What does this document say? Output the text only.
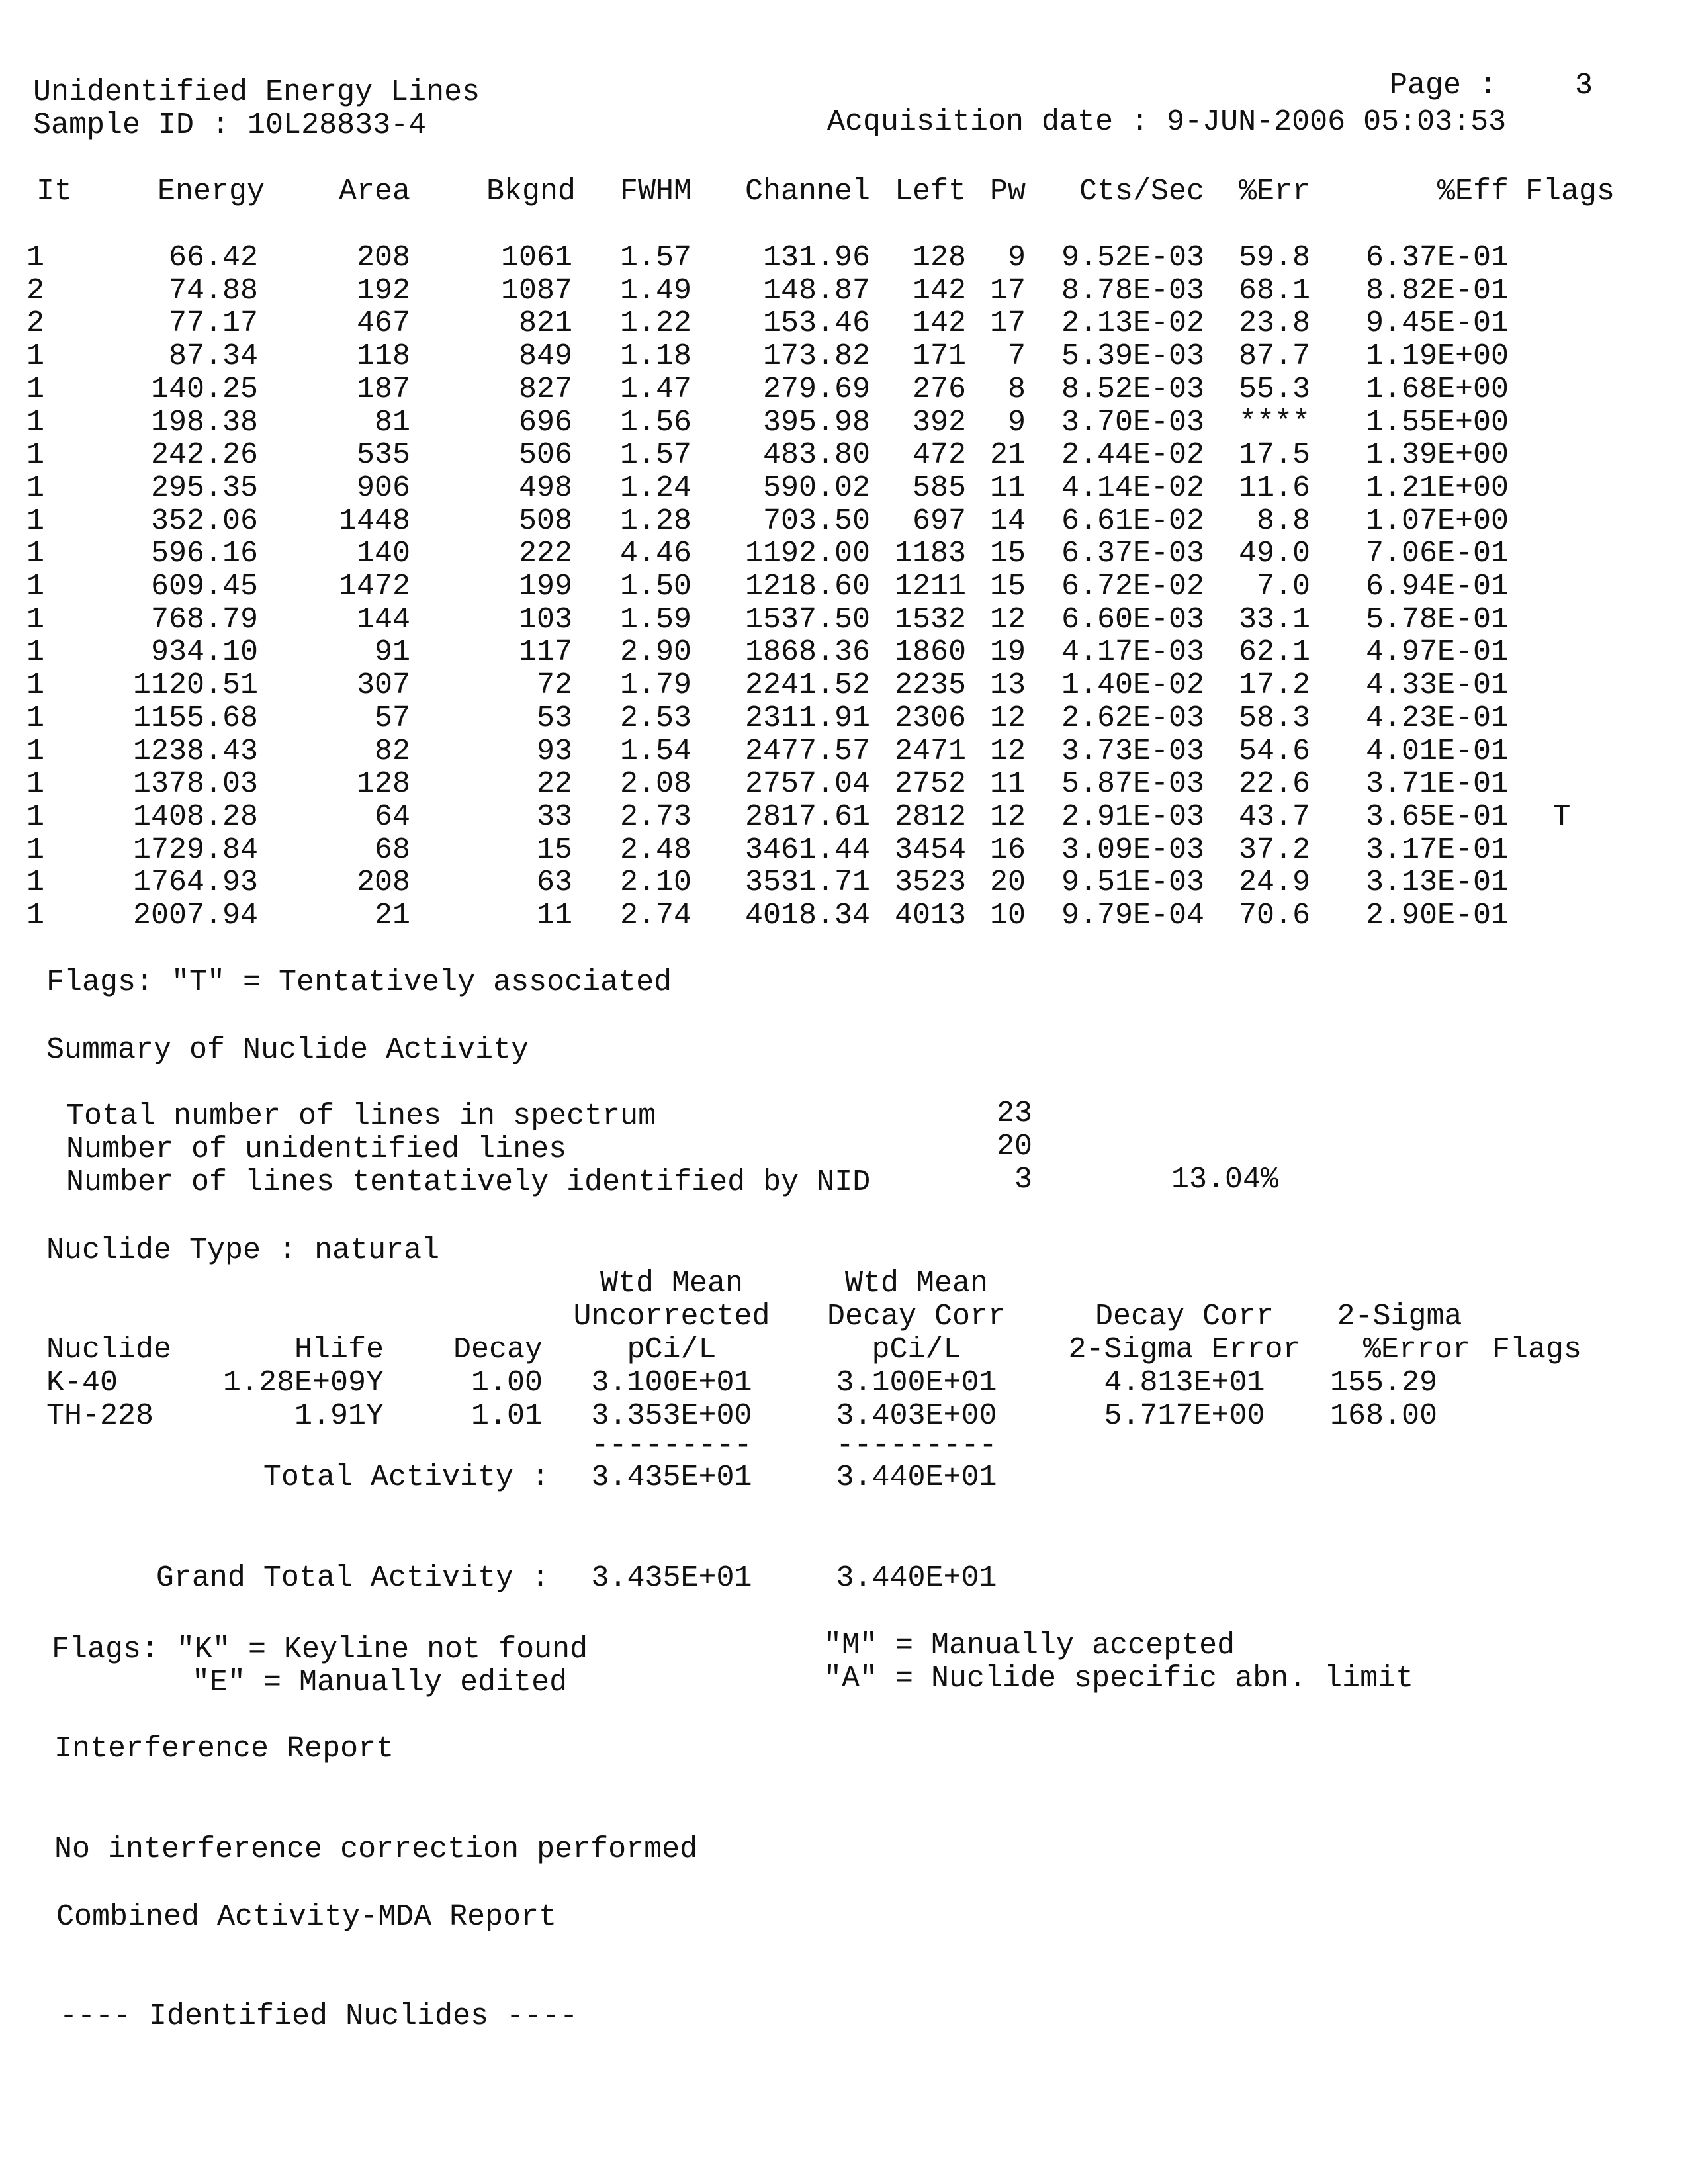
Unidentified Energy Lines
Sample ID : 10L28833-4
Page :	3
Acquisition date : 9-JUN-2006 05:03:53
It	Energy	Area	Bkgnd	FWHM	Channel Left Pw	Cts/Sec	%Err	%Eff Flags
1	66.42	208	1061	1.57	131.96	128	9	9.52E-03	59.8	6.37E-01
2	74.88	192	1087	1.49	148.87	142 17	8.78E-03	68.1	8.82E-01
2	77.17	467	821	1.22	153.46	142 17	2.13E-02	23.8	9.45E-01
1	87.34	118	849	1.18	173.82	171	7	5.39E-03	87.7	1.19E+00
1	140.25	187	827	1.47	279.69	276	8	8.52E-03	55.3	1.68E+00
1	198.38	81	696	1.56	395.98	392	9	3.70E-03	****	1.55E+00
1	242.26	535	506	1.57	483.80	472 21	2.44E-02	17.5	1.39E+00
1	295.35	906	498	1.24	590.02	585 11	4.14E-02	11.6	1.21E+00
1	352.06	1448	508	1.28	703.50	697 14	6.61E-02	8.8	1.07E+00
1	596.16	140	222	4.46	1192.00 1183 15	6.37E-03	49.0	7.06E-01
1	609.45	1472	199	1.50	1218.60 1211 15	6.72E-02	7.0	6.94E-01
1	768.79	144	103	1.59	1537.50 1532 12	6.60E-03	33.1	5.78E-01
1	934.10	91	117	2.90	1868.36 1860 19	4.17E-03	62.1	4.97E-01
1	1120.51	307	72	1.79	2241.52 2235 13	1.40E-02	17.2	4.33E-01
1	1155.68	57	53	2.53	2311.91 2306 12	2.62E-03	58.3	4.23E-01
1	1238.43	82	93	1.54	2477.57 2471 12	3.73E-03	54.6	4.01E-01
1	1378.03	128	22	2.08	2757.04 2752 11	5.87E-03	22.6	3.71E-01
1	1408.28	64	33	2.73	2817.61 2812 12	2.91E-03	43.7	3.65E-01	T
1	1729.84	68	15	2.48	3461.44 3454 16	3.09E-03	37.2	3.17E-01
1	1764.93	208	63	2.10	3531.71 3523 20	9.51E-03	24.9	3.13E-01
1	2007.94	21	11	2.74	4018.34 4013 10	9.79E-04	70.6	2.90E-01
Flags: "T" = Tentatively associated
Summary of Nuclide Activity
Total number of lines in spectrum	23
Number of unidentified lines	20
Number of lines tentatively identified by NID	3	13.04%
Nuclide Type : natural
Wtd Mean	Wtd Mean
Uncorrected	Decay Corr	Decay Corr	2-Sigma
Nuclide	Hlife	Decay	pCi/L	pCi/L	2-Sigma Error	%Error Flags
K-40	1.28E+09Y	1.00	3.100E+01	3.100E+01	4.813E+01	155.29
TH-228	1.91Y	1.01	3.353E+00	3.403E+00	5.717E+00	168.00
---------	---------
Total Activity :	3.435E+01	3.440E+01
Grand Total Activity :	3.435E+01	3.440E+01
Flags: "K" = Keyline not found
"E" = Manually edited
"M" = Manually accepted
"A" = Nuclide specific abn. limit
Interference Report
No interference correction performed
Combined Activity-MDA Report
---- Identified Nuclides ----
